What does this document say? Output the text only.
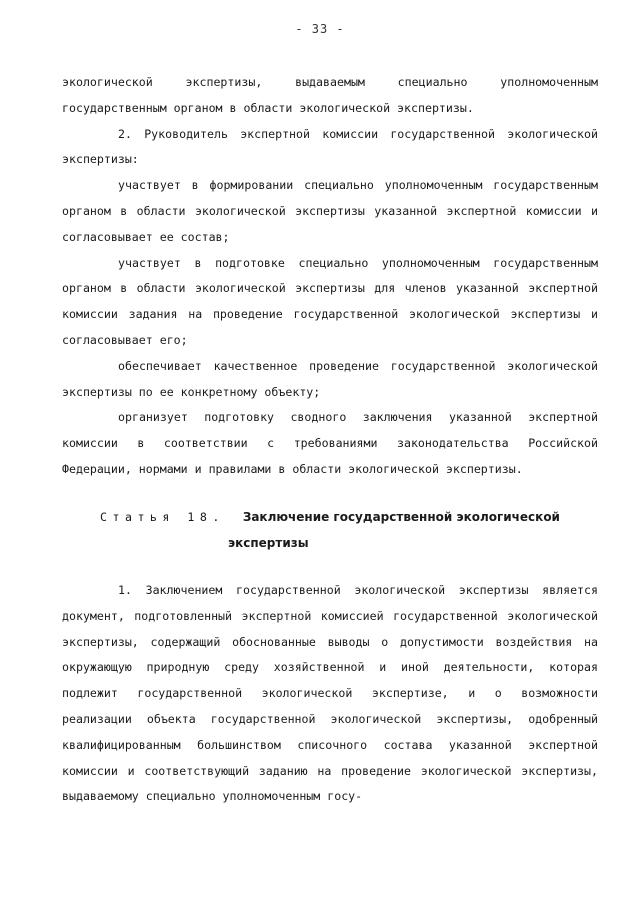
- 33 -

экологической экспертизы, выдаваемым специально уполномоченным государственным органом в области экологической экспертизы.

2. Руководитель экспертной комиссии государственной экологической экспертизы:

участвует в формировании специально уполномоченным государственным органом в области экологической экспертизы указанной экспертной комиссии и согласовывает ее состав;

участвует в подготовке специально уполномоченным государственным органом в области экологической экспертизы для членов указанной экспертной комиссии задания на проведение государственной экологической экспертизы и согласовывает его;

обеспечивает качественное проведение государственной экологической экспертизы по ее конкретному объекту;

организует подготовку сводного заключения указанной экспертной комиссии в соответствии с требованиями законодательства Российской Федерации, нормами и правилами в области экологической экспертизы.

Статья 18. Заключение государственной экологической
экспертизы

1. Заключением государственной экологической экспертизы является документ, подготовленный экспертной комиссией государственной экологической экспертизы, содержащий обоснованные выводы о допустимости воздействия на окружающую природную среду хозяйственной и иной деятельности, которая подлежит государственной экологической экспертизе, и о возможности реализации объекта государственной экологической экспертизы, одобренный квалифицированным большинством списочного состава указанной экспертной комиссии и соответствующий заданию на проведение экологической экспертизы, выдаваемому специально уполномоченным госу-
